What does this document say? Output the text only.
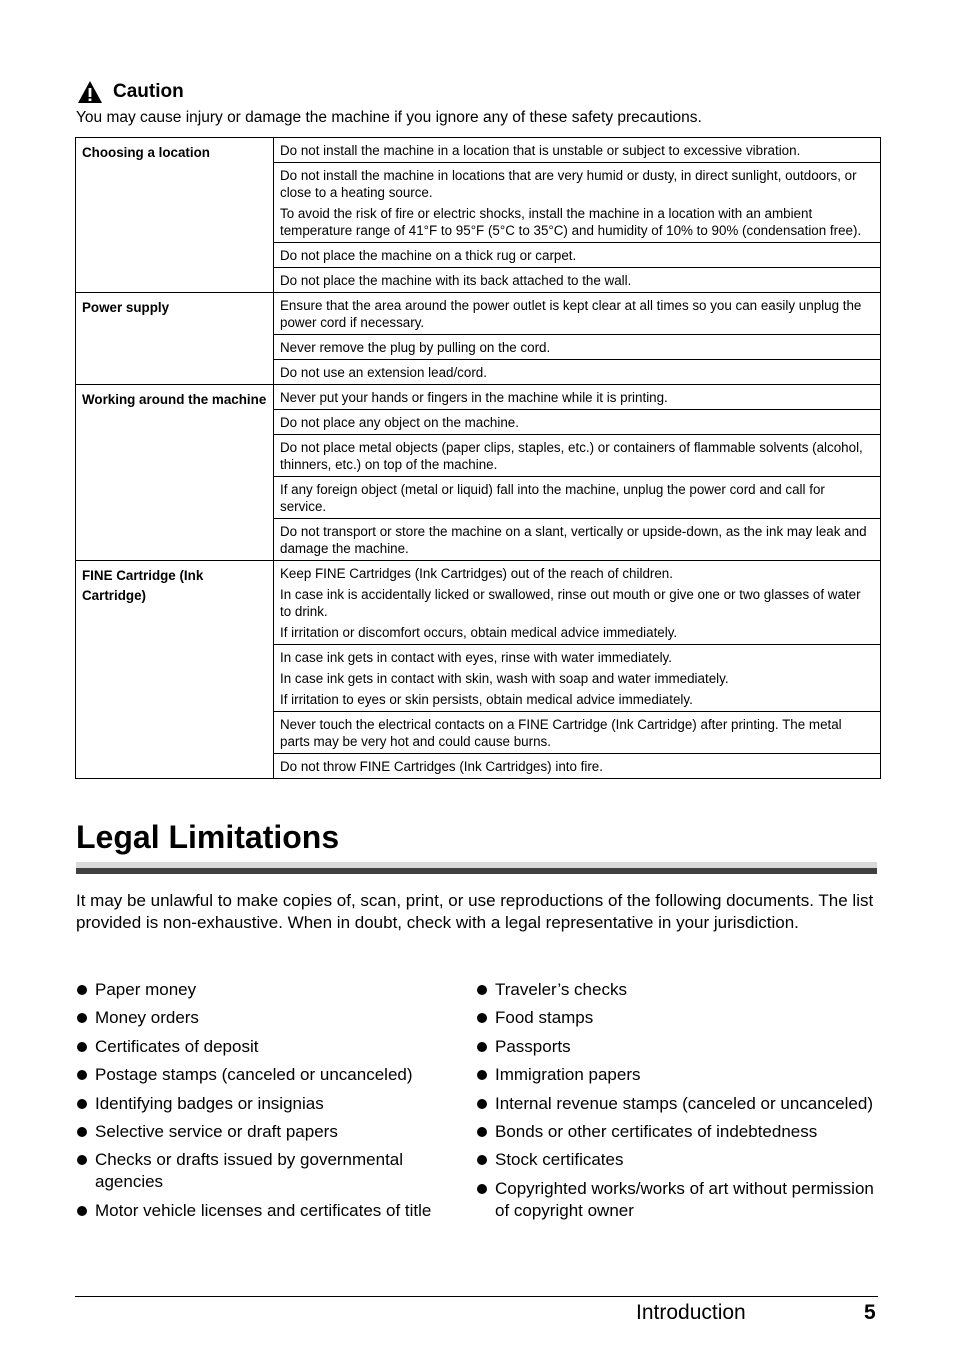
Caution
You may cause injury or damage the machine if you ignore any of these safety precautions.
Choosing a location	Do not install the machine in a location that is unstable or subject to excessive vibration.

	Do not install the machine in locations that are very humid or dusty, in direct sunlight, outdoors, or close to a heating source.

To avoid the risk of fire or electric shocks, install the machine in a location with an ambient temperature range of 41°F to 95°F (5°C to 35°C) and humidity of 10% to 90% (condensation free).

	Do not place the machine on a thick rug or carpet.

	Do not place the machine with its back attached to the wall.

Power supply	Ensure that the area around the power outlet is kept clear at all times so you can easily unplug the power cord if necessary.

	Never remove the plug by pulling on the cord.

	Do not use an extension lead/cord.

Working around the machine	Never put your hands or fingers in the machine while it is printing.

	Do not place any object on the machine.

	Do not place metal objects (paper clips, staples, etc.) or containers of flammable solvents (alcohol, thinners, etc.) on top of the machine.

	If any foreign object (metal or liquid) fall into the machine, unplug the power cord and call for service.

	Do not transport or store the machine on a slant, vertically or upside-down, as the ink may leak and damage the machine.

FINE Cartridge (Ink Cartridge)	Keep FINE Cartridges (Ink Cartridges) out of the reach of children.

In case ink is accidentally licked or swallowed, rinse out mouth or give one or two glasses of water to drink.

If irritation or discomfort occurs, obtain medical advice immediately.

	In case ink gets in contact with eyes, rinse with water immediately.

In case ink gets in contact with skin, wash with soap and water immediately.

If irritation to eyes or skin persists, obtain medical advice immediately.

	Never touch the electrical contacts on a FINE Cartridge (Ink Cartridge) after printing. The metal parts may be very hot and could cause burns.

	Do not throw FINE Cartridges (Ink Cartridges) into fire.

Legal Limitations
It may be unlawful to make copies of, scan, print, or use reproductions of the following documents. The list provided is non-exhaustive. When in doubt, check with a legal representative in your jurisdiction.
Paper money
Money orders
Certificates of deposit
Postage stamps (canceled or uncanceled)
Identifying badges or insignias
Selective service or draft papers
Checks or drafts issued by governmental agencies
Motor vehicle licenses and certificates of title
Traveler’s checks
Food stamps
Passports
Immigration papers
Internal revenue stamps (canceled or uncanceled)
Bonds or other certificates of indebtedness
Stock certificates
Copyrighted works/works of art without permission of copyright owner
Introduction	5
